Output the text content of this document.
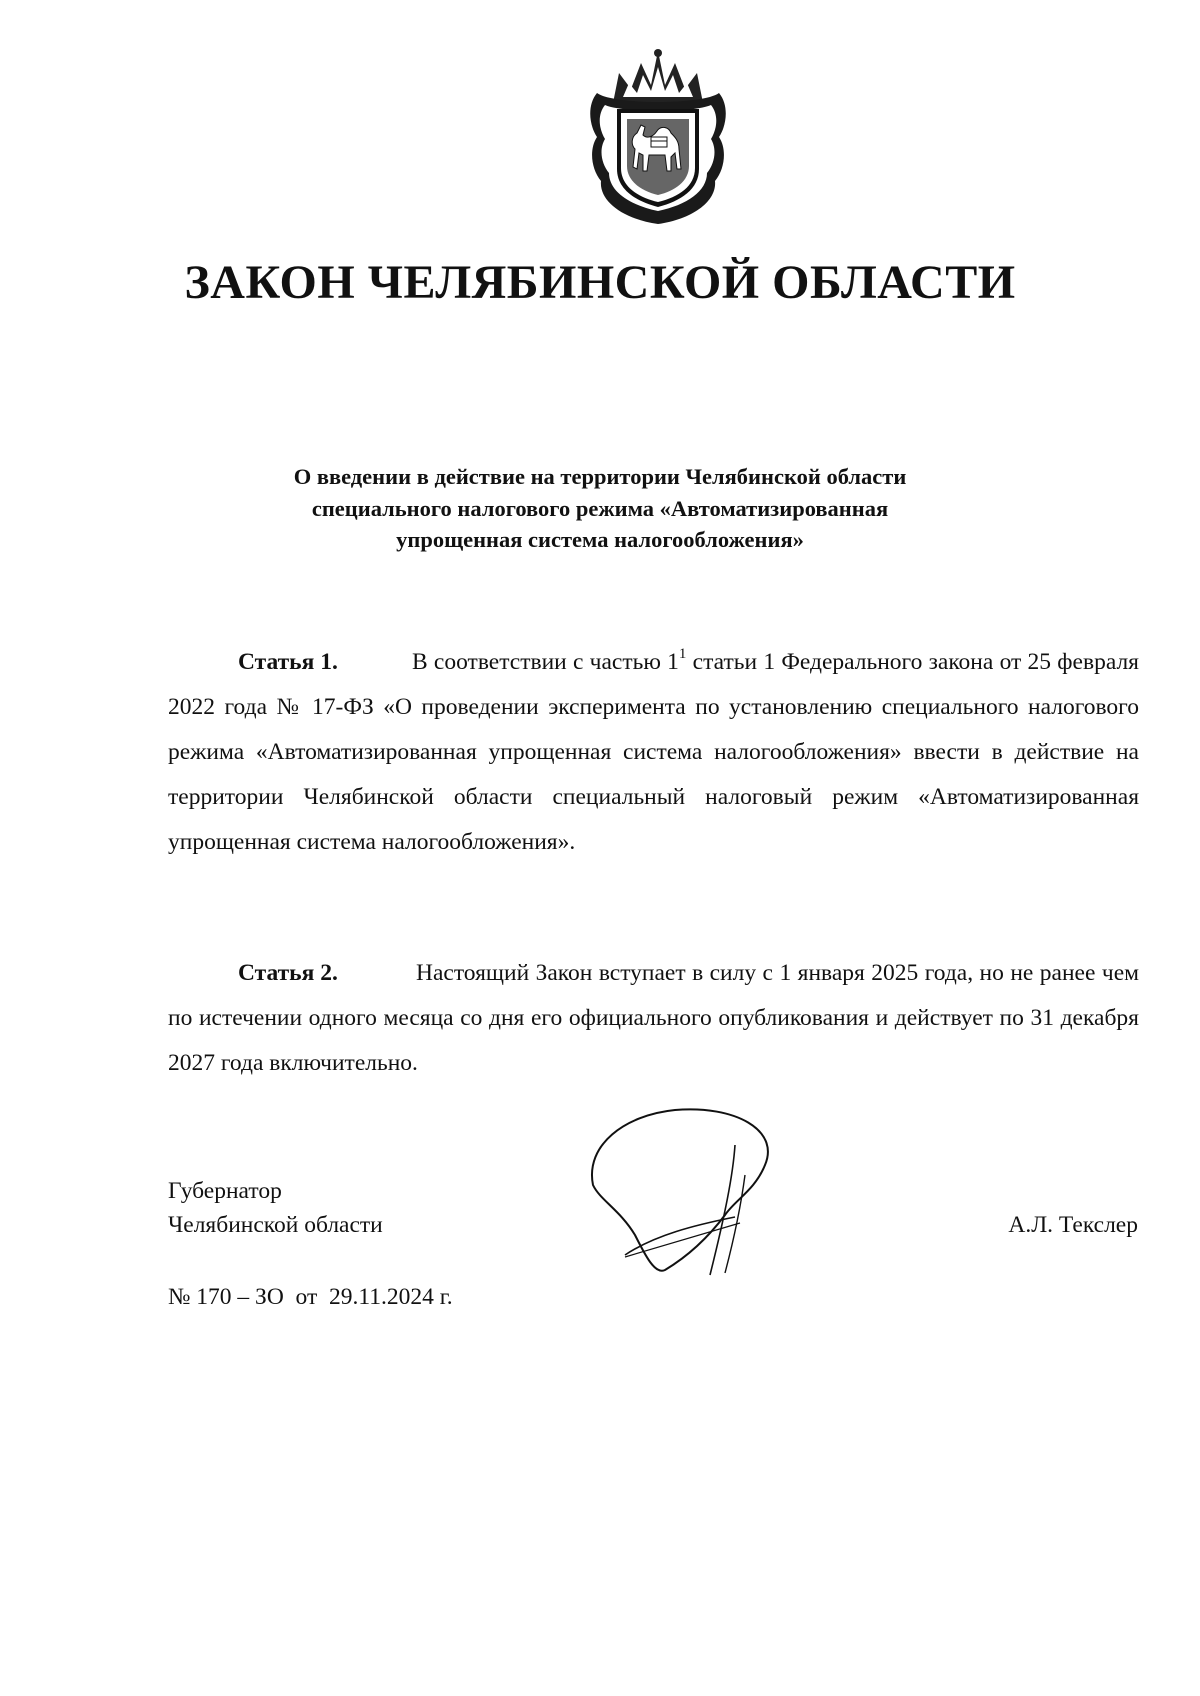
ЗАКОН ЧЕЛЯБИНСКОЙ ОБЛАСТИ
О введении в действие на территории Челябинской области
специального налогового режима «Автоматизированная
упрощенная система налогообложения»
Статья 1.	В соответствии с частью $1^1$ статьи 1 Федерального закона от 25 февраля 2022 года № 17-ФЗ «О проведении эксперимента по установлению специального налогового режима «Автоматизированная упрощенная система налогообложения» ввести в действие на территории Челябинской области специальный налоговый режим «Автоматизированная упрощенная система налогообложения».
Статья 2.	Настоящий Закон вступает в силу с 1 января 2025 года, но не ранее чем по истечении одного месяца со дня его официального опубликования и действует по 31 декабря 2027 года включительно.
Губернатор
Челябинской области	А.Л. Текслер
№ 170 – ЗО  от  29.11.2024 г.
